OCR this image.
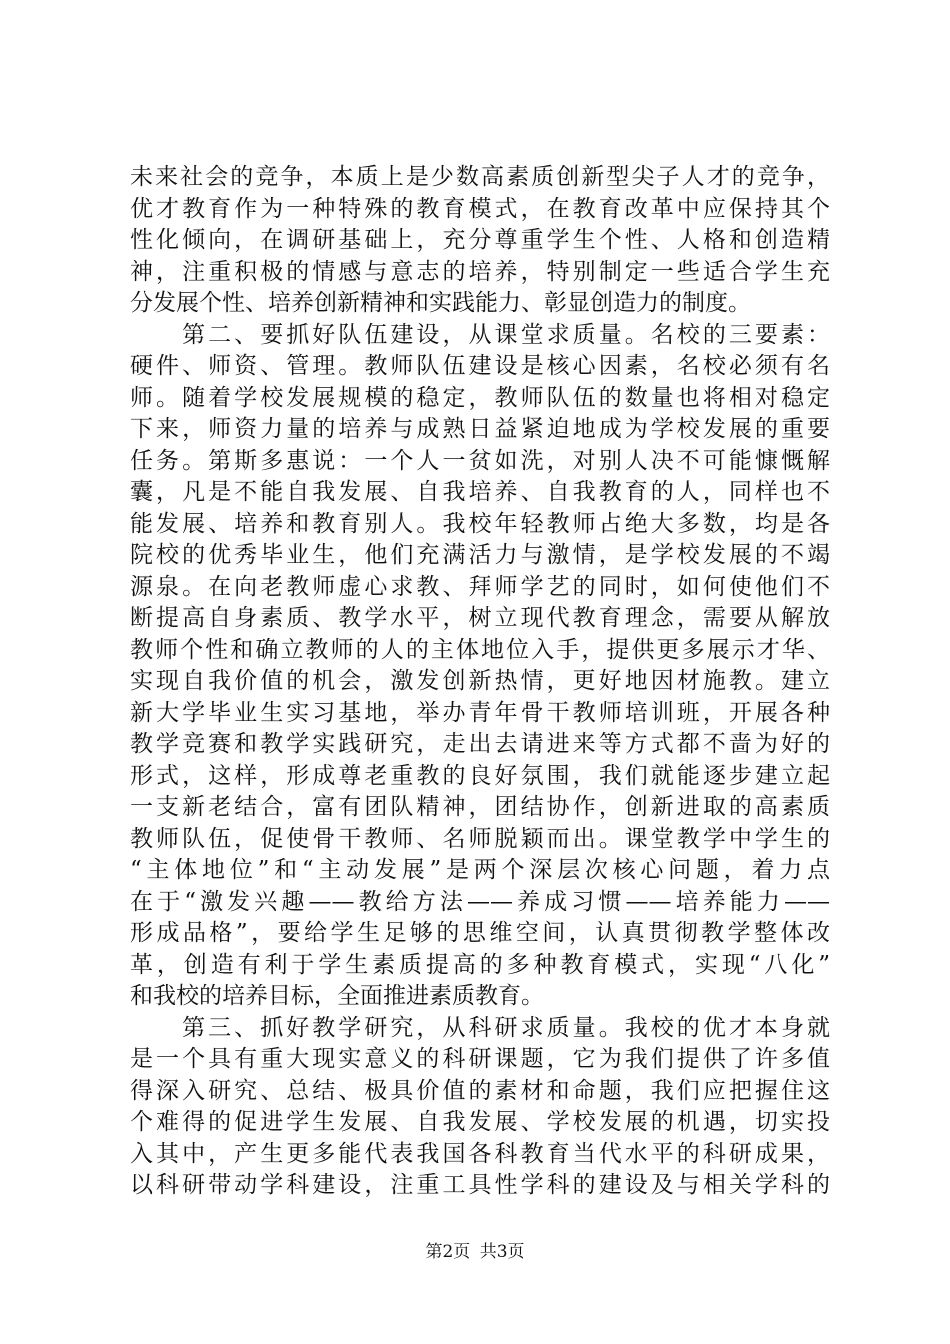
未来社会的竞争，本质上是少数高素质创新型尖子人才的竞争，
优才教育作为一种特殊的教育模式，在教育改革中应保持其个
性化倾向，在调研基础上，充分尊重学生个性、人格和创造精
神，注重积极的情感与意志的培养，特别制定一些适合学生充
分发展个性、培养创新精神和实践能力、彰显创造力的制度。
　　第二、要抓好队伍建设，从课堂求质量。名校的三要素：
硬件、师资、管理。教师队伍建设是核心因素，名校必须有名
师。随着学校发展规模的稳定，教师队伍的数量也将相对稳定
下来，师资力量的培养与成熟日益紧迫地成为学校发展的重要
任务。第斯多惠说：一个人一贫如洗，对别人决不可能慷慨解
囊，凡是不能自我发展、自我培养、自我教育的人，同样也不
能发展、培养和教育别人。我校年轻教师占绝大多数，均是各
院校的优秀毕业生，他们充满活力与激情，是学校发展的不竭
源泉。在向老教师虚心求教、拜师学艺的同时，如何使他们不
断提高自身素质、教学水平，树立现代教育理念，需要从解放
教师个性和确立教师的人的主体地位入手，提供更多展示才华、
实现自我价值的机会，激发创新热情，更好地因材施教。建立
新大学毕业生实习基地，举办青年骨干教师培训班，开展各种
教学竞赛和教学实践研究，走出去请进来等方式都不啬为好的
形式，这样，形成尊老重教的良好氛围，我们就能逐步建立起
一支新老结合，富有团队精神，团结协作，创新进取的高素质
教师队伍，促使骨干教师、名师脱颖而出。课堂教学中学生的
“主体地位”和“主动发展”是两个深层次核心问题，着力点
在于“激发兴趣——教给方法——养成习惯——培养能力——
形成品格”，要给学生足够的思维空间，认真贯彻教学整体改
革，创造有利于学生素质提高的多种教育模式，实现“八化”
和我校的培养目标，全面推进素质教育。
　　第三、抓好教学研究，从科研求质量。我校的优才本身就
是一个具有重大现实意义的科研课题，它为我们提供了许多值
得深入研究、总结、极具价值的素材和命题，我们应把握住这
个难得的促进学生发展、自我发展、学校发展的机遇，切实投
入其中，产生更多能代表我国各科教育当代水平的科研成果，
以科研带动学科建设，注重工具性学科的建设及与相关学科的
第2页 共3页
